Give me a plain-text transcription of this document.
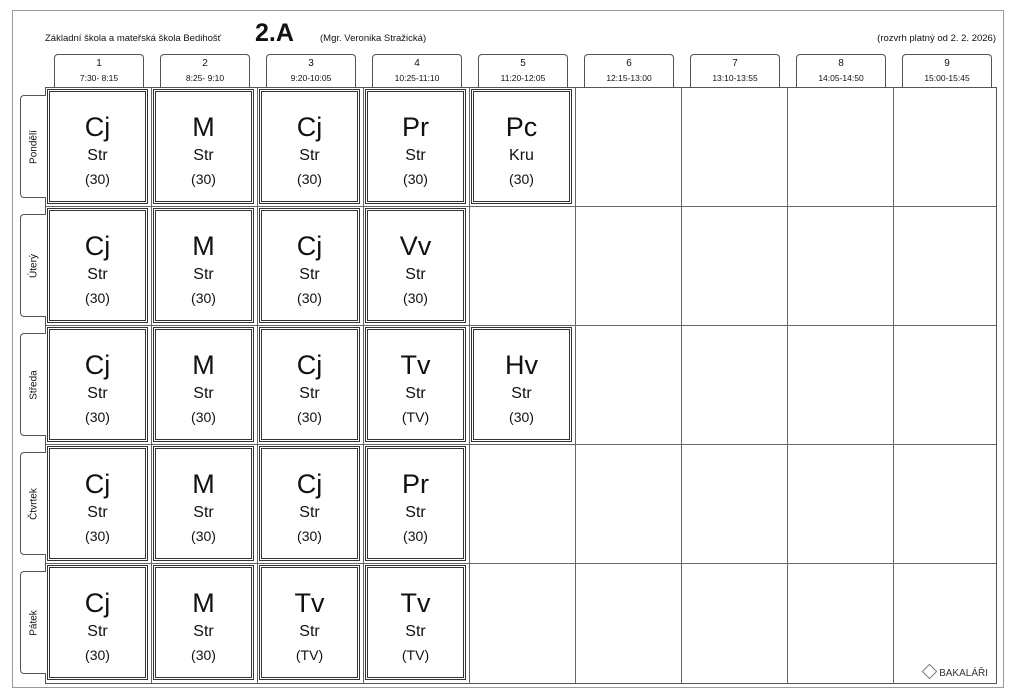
Základní škola a mateřská škola Bedihošť 2.A	(Mgr. Veronika Stražická)	(rozvrh platný od 2. 2. 2026)
1
7:30- 8:15
2
8:25- 9:10
3
9:20-10:05
4
10:25-11:10
5
11:20-12:05
6
12:15-13:00
7
13:10-13:55
8
14:05-14:50
9
15:00-15:45
Pondělí
Úterý
Středa
Čtvrtek
Pátek
Cj
Str
(30)
M
Str
(30)
Cj
Str
(30)
Pr
Str
(30)
Pc
Kru
(30)
Cj
Str
(30)
M
Str
(30)
Cj
Str
(30)
Vv
Str
(30)
Cj
Str
(30)
M
Str
(30)
Cj
Str
(30)
Tv
Str
(TV)
Hv
Str
(30)
Cj
Str
(30)
M
Str
(30)
Cj
Str
(30)
Pr
Str
(30)
Cj
Str
(30)
M
Str
(30)
Tv
Str
(TV)
Tv
Str
(TV)
BAKALÁŘI
